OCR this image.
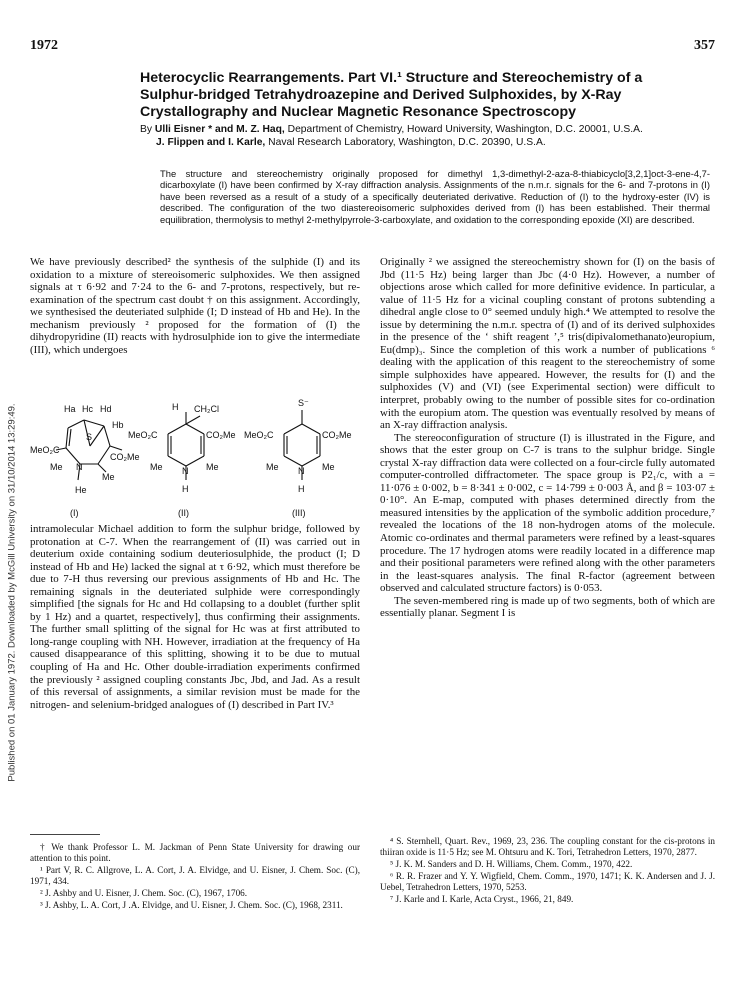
1972	357
Heterocyclic Rearrangements. Part VI.¹ Structure and Stereochemistry of a Sulphur-bridged Tetrahydroazepine and Derived Sulphoxides, by X-Ray Crystallography and Nuclear Magnetic Resonance Spectroscopy
By Ulli Eisner * and M. Z. Haq, Department of Chemistry, Howard University, Washington, D.C. 20001, U.S.A.
J. Flippen and I. Karle, Naval Research Laboratory, Washington, D.C. 20390, U.S.A.
The structure and stereochemistry originally proposed for dimethyl 1,3-dimethyl-2-aza-8-thiabicyclo[3,2,1]oct-3-ene-4,7-dicarboxylate (I) have been confirmed by X-ray diffraction analysis. Assignments of the n.m.r. signals for the 6- and 7-protons in (I) have been reversed as a result of a study of a specifically deuteriated derivative. Reduction of (I) to the hydroxy-ester (IV) is described. The configuration of the two diastereoisomeric sulphoxides derived from (I) has been established. Their thermal equilibration, thermolysis to methyl 2-methylpyrrole-3-carboxylate, and oxidation to the corresponding epoxide (XI) are described.
Published on 01 January 1972. Downloaded by McGill University on 31/10/2014 13:29:49.

We have previously described² the synthesis of the sulphide (I) and its oxidation to a mixture of stereoisomeric sulphoxides. We then assigned signals at τ 6·92 and 7·24 to the 6- and 7-protons, respectively, but re-examination of the spectrum cast doubt † on this assignment. Accordingly, we synthesised the deuteriated sulphide (I; D instead of Hb and He). In the mechanism previously ² proposed for the formation of (I) the dihydropyridine (II) reacts with hydrosulphide ion to give the intermediate (III), which undergoes

Ha Hc Hd
Hb
S
MeO₂C
CO₂Me
N
Me
Me
He
H CH₂Cl
MeO₂C	CO₂Me
Me N Me
H
S⁻
MeO₂C	CO₂Me
Me N Me
H
(I)	(II)	(III)

intramolecular Michael addition to form the sulphur bridge, followed by protonation at C-7. When the rearrangement of (II) was carried out in deuterium oxide containing sodium deuteriosulphide, the product (I; D instead of Hb and He) lacked the signal at τ 6·92, which must therefore be due to 7-H thus reversing our previous assignments of Hb and Hc. The remaining signals in the deuteriated sulphide were correspondingly simplified [the signals for Hc and Hd collapsing to a doublet (further split by 1 Hz) and a quartet, respectively], thus confirming their assignments. The further small splitting of the signal for Hc was at first attributed to long-range coupling with NH. However, irradiation at the frequency of Ha caused disappearance of this splitting, showing it to be due to mutual coupling of Ha and Hc. Other double-irradiation experiments confirmed the previously ² assigned coupling constants Jbc, Jbd, and Jad. As a result of this reversal of assignments, a similar revision must be made for the nitrogen- and selenium-bridged analogues of (I) described in Part IV.³

Originally ² we assigned the stereochemistry shown for (I) on the basis of Jbd (11·5 Hz) being larger than Jbc (4·0 Hz). However, a number of objections arose which called for more definitive evidence. In particular, a value of 11·5 Hz for a vicinal coupling constant of protons subtending a dihedral angle close to 0° seemed unduly high.⁴ We attempted to resolve the issue by determining the n.m.r. spectra of (I) and of its derived sulphoxides in the presence of the ‘ shift reagent ’,⁵ tris(dipivalomethanato)europium, Eu(dmp)₃. Since the completion of this work a number of publications ⁶ dealing with the application of this reagent to the stereochemistry of some simple sulphoxides have appeared. However, the results for (I) and the sulphoxides (V) and (VI) (see Experimental section) were difficult to interpret, probably owing to the number of possible sites for co-ordination with the europium atom. The question was eventually resolved by means of an X-ray diffraction analysis.

The stereoconfiguration of structure (I) is illustrated in the Figure, and shows that the ester group on C-7 is trans to the sulphur bridge. Single crystal X-ray diffraction data were collected on a four-circle fully automated computer-controlled diffractometer. The space group is P2₁/c, with a = 11·076 ± 0·002, b = 8·341 ± 0·002, c = 14·799 ± 0·003 Å, and β = 103·07 ± 0·10°. An E-map, computed with phases determined directly from the measured intensities by the application of the symbolic addition procedure,⁷ revealed the locations of the 18 non-hydrogen atoms of the molecule. Atomic co-ordinates and thermal parameters were refined by a least-squares procedure. The 17 hydrogen atoms were readily located in a difference map and their positional parameters were refined along with the other parameters in the least-squares analysis. The final R-factor (agreement between observed and calculated structure factors) is 0·053.

The seven-membered ring is made up of two segments, both of which are essentially planar. Segment I is

† We thank Professor L. M. Jackman of Penn State University for drawing our attention to this point.

¹ Part V, R. C. Allgrove, L. A. Cort, J. A. Elvidge, and U. Eisner, J. Chem. Soc. (C), 1971, 434.

² J. Ashby and U. Eisner, J. Chem. Soc. (C), 1967, 1706.

³ J. Ashby, L. A. Cort, J .A. Elvidge, and U. Eisner, J. Chem. Soc. (C), 1968, 2311.

⁴ S. Sternhell, Quart. Rev., 1969, 23, 236. The coupling constant for the cis-protons in thiiran oxide is 11·5 Hz; see M. Ohtsuru and K. Tori, Tetrahedron Letters, 1970, 2877.

⁵ J. K. M. Sanders and D. H. Williams, Chem. Comm., 1970, 422.

⁶ R. R. Frazer and Y. Y. Wigfield, Chem. Comm., 1970, 1471; K. K. Andersen and J. J. Uebel, Tetrahedron Letters, 1970, 5253.

⁷ J. Karle and I. Karle, Acta Cryst., 1966, 21, 849.
